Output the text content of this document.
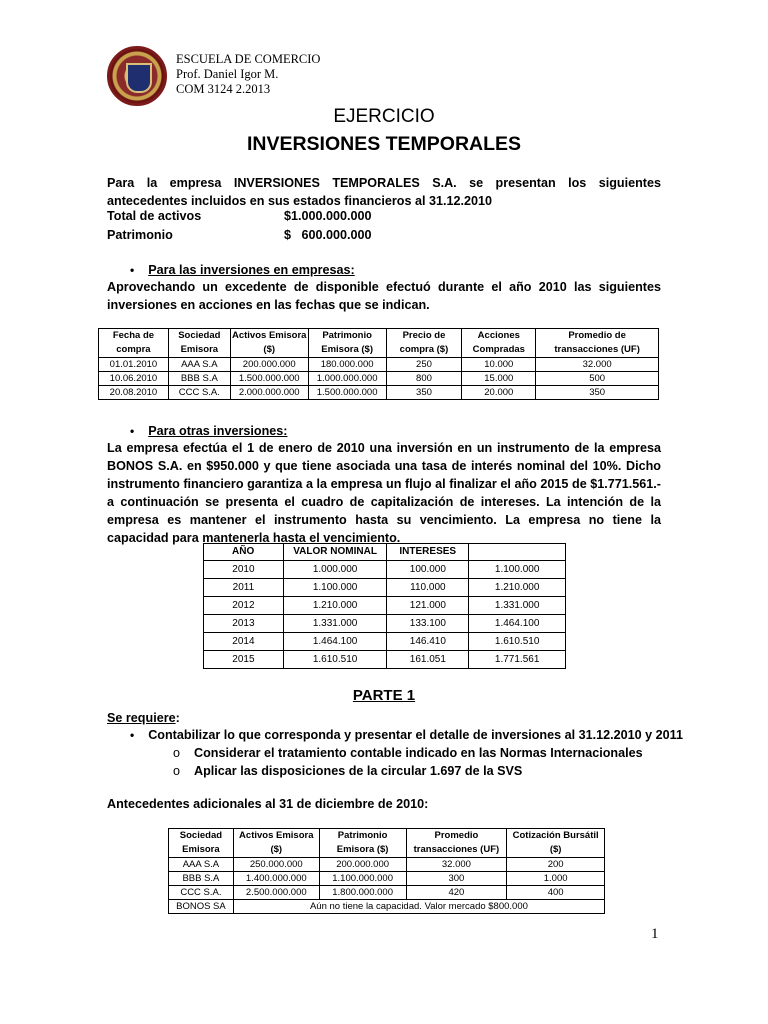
ESCUELA DE COMERCIO
Prof. Daniel Igor M.
COM 3124 2.2013
EJERCICIO
INVERSIONES TEMPORALES
Para la empresa INVERSIONES TEMPORALES S.A. se presentan los siguientes antecedentes incluidos en sus estados financieros al 31.12.2010
Total de activos	$1.000.000.000
Patrimonio	$   600.000.000
• Para las inversiones en empresas:
Aprovechando un excedente de disponible efectuó durante el año 2010 las siguientes inversiones en acciones en las fechas que se indican.
Fecha de compra	Sociedad Emisora	Activos Emisora ($)	Patrimonio Emisora ($)	Precio de compra ($)	Acciones Compradas	Promedio de transacciones (UF)
01.01.2010	AAA S.A	200.000.000	180.000.000	250	10.000	32.000
10.06.2010	BBB S.A	1.500.000.000	1.000.000.000	800	15.000	500
20.08.2010	CCC S.A.	2.000.000.000	1.500.000.000	350	20.000	350
• Para otras inversiones:
La empresa efectúa el 1 de enero de 2010 una inversión en un instrumento de la empresa BONOS S.A. en $950.000 y que tiene asociada una tasa de interés nominal del 10%. Dicho instrumento financiero garantiza a la empresa un flujo al finalizar el año 2015 de $1.771.561.- a continuación se presenta el cuadro de capitalización de intereses. La intención de la empresa es mantener el instrumento hasta su vencimiento. La empresa no tiene la capacidad para mantenerla hasta el vencimiento.
AÑO	VALOR NOMINAL	INTERESES	
2010	1.000.000	100.000	1.100.000
2011	1.100.000	110.000	1.210.000
2012	1.210.000	121.000	1.331.000
2013	1.331.000	133.100	1.464.100
2014	1.464.100	146.410	1.610.510
2015	1.610.510	161.051	1.771.561
PARTE 1
Se requiere:
• Contabilizar lo que corresponda y presentar el detalle de inversiones al 31.12.2010 y 2011
o Considerar el tratamiento contable indicado en las Normas Internacionales
o Aplicar las disposiciones de la circular 1.697 de la SVS
Antecedentes adicionales al 31 de diciembre de 2010:
Sociedad Emisora	Activos Emisora ($)	Patrimonio Emisora ($)	Promedio transacciones (UF)	Cotización Bursátil ($)
AAA S.A	250.000.000	200.000.000	32.000	200
BBB S.A	1.400.000.000	1.100.000.000	300	1.000
CCC S.A.	2.500.000.000	1.800.000.000	420	400
BONOS SA	Aún no tiene la capacidad. Valor mercado $800.000			
1
